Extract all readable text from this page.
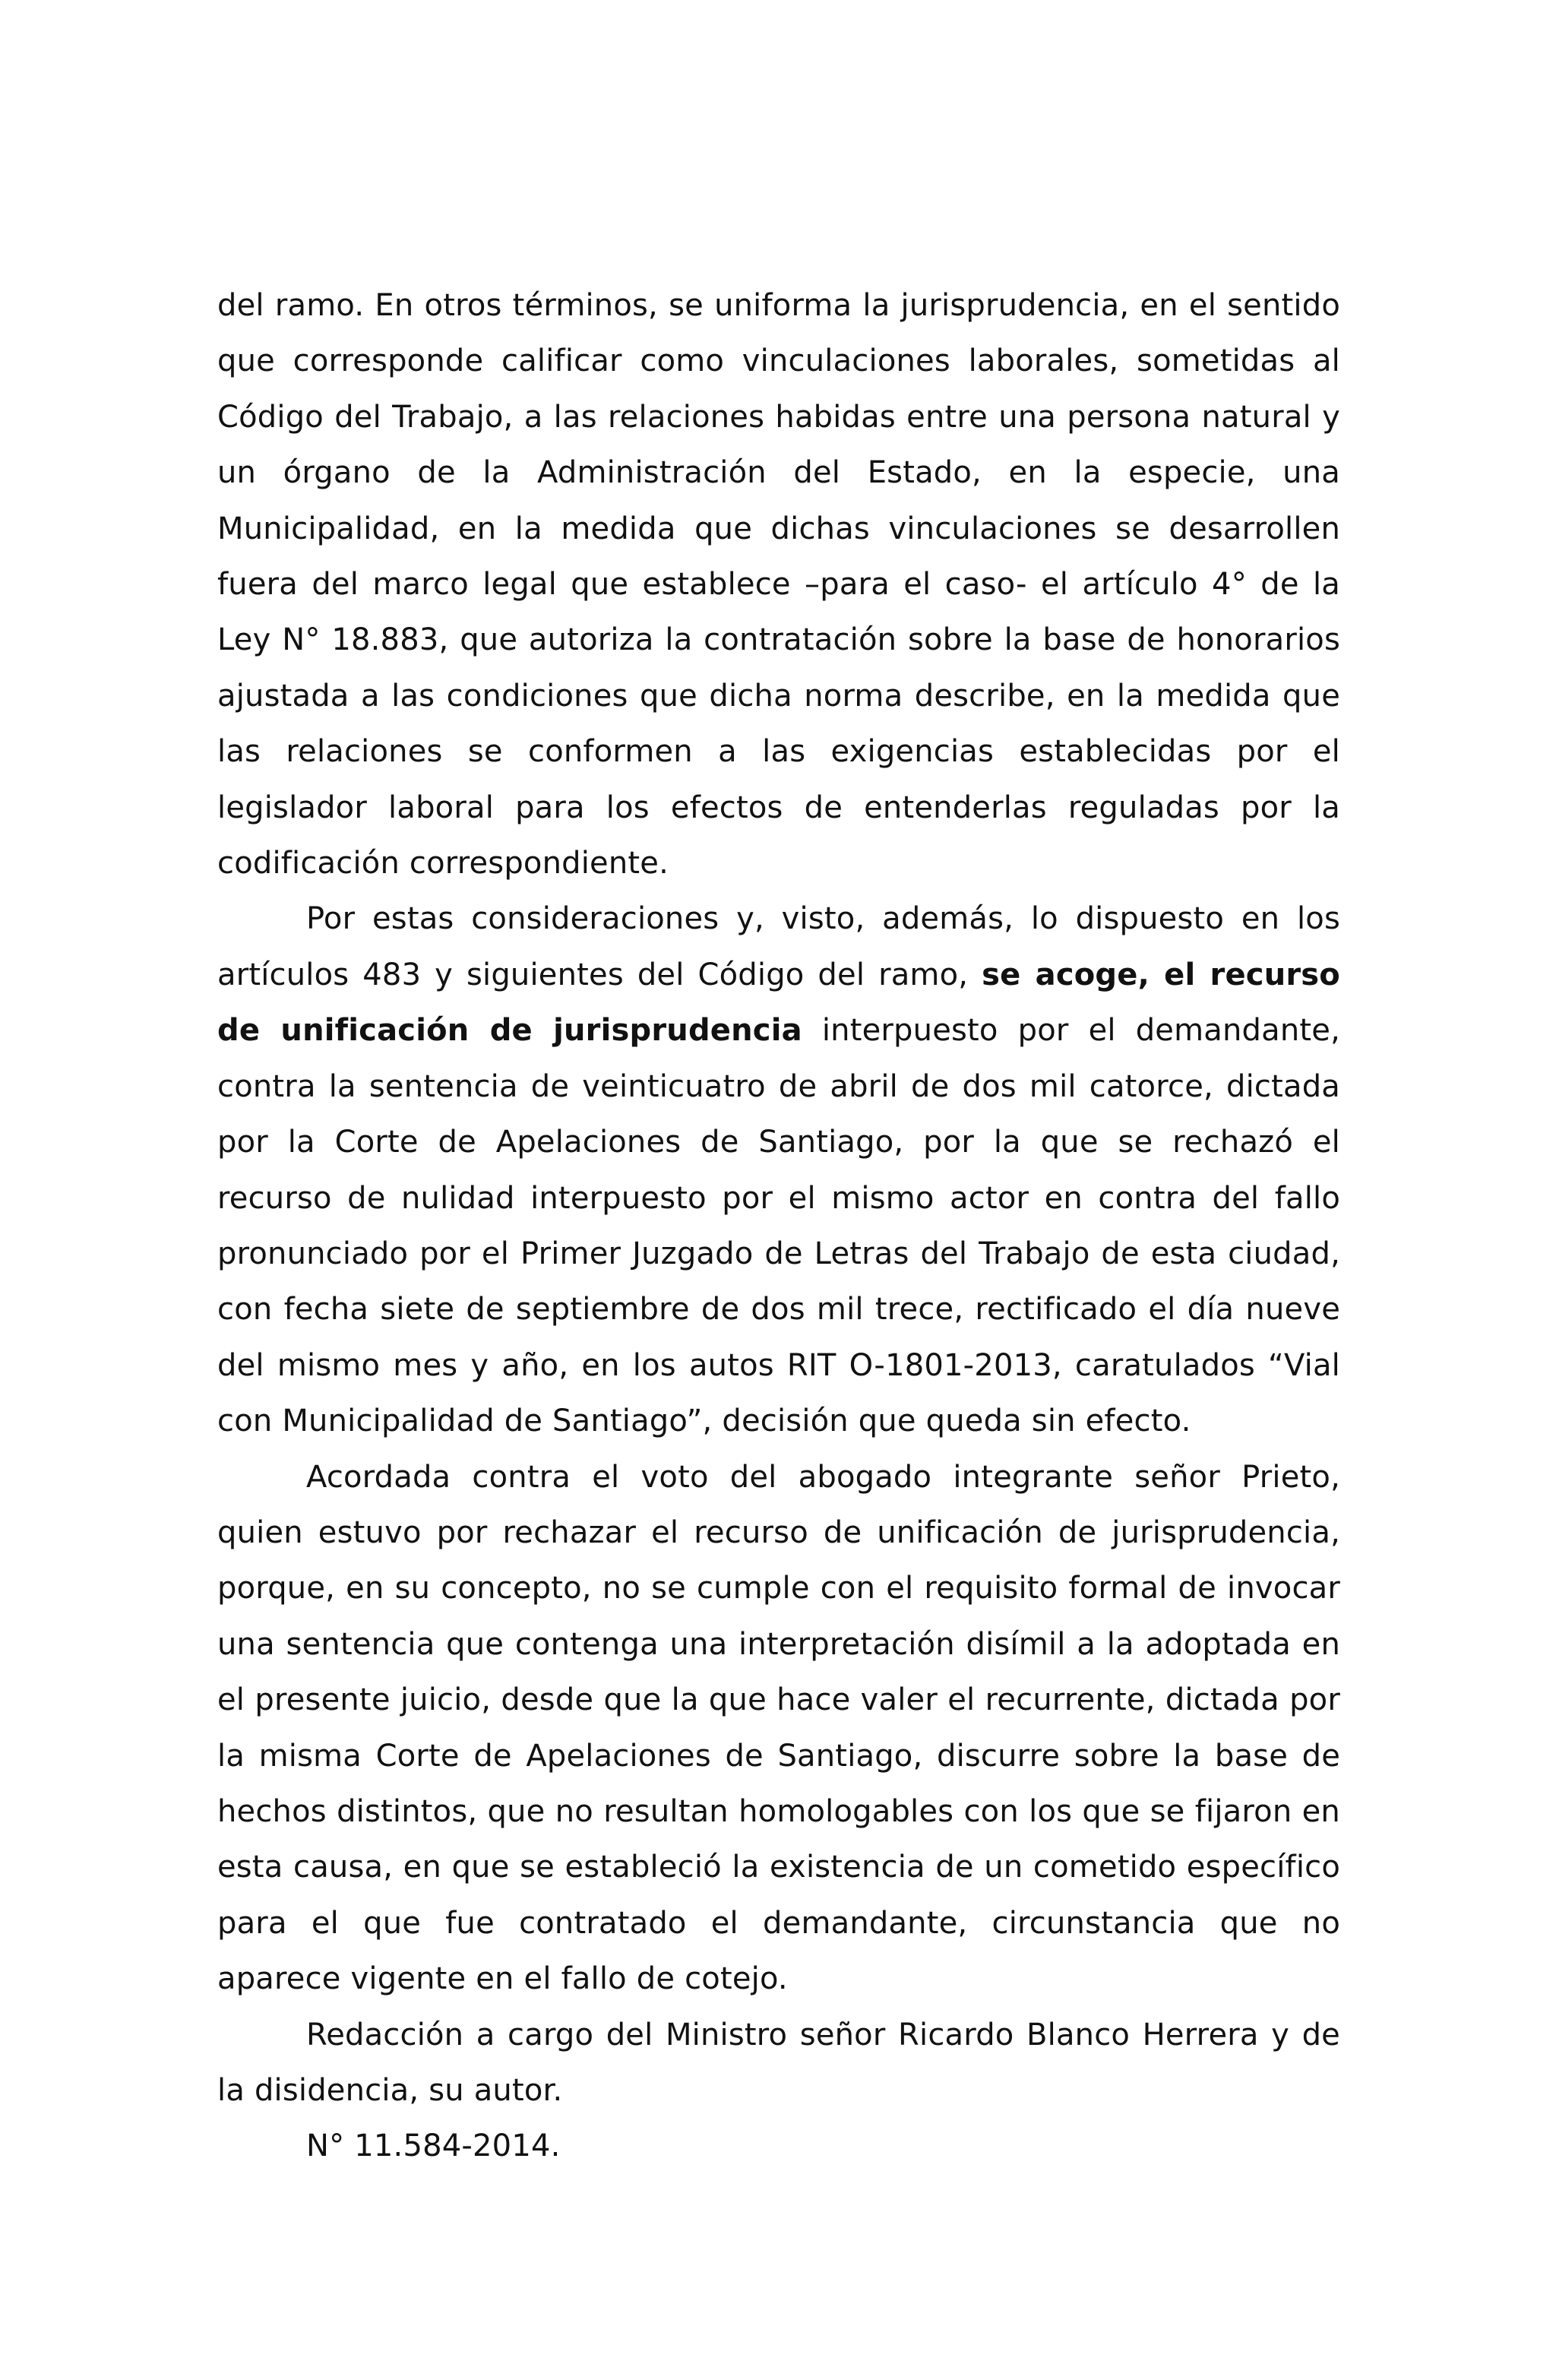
del ramo. En otros términos, se uniforma la jurisprudencia, en el sentido que corresponde calificar como vinculaciones laborales, sometidas al Código del Trabajo, a las relaciones habidas entre una persona natural y un órgano de la Administración del Estado, en la especie, una Municipalidad, en la medida que dichas vinculaciones se desarrollen fuera del marco legal que establece –para el caso- el artículo 4° de la Ley N° 18.883, que autoriza la contratación sobre la base de honorarios ajustada a las condiciones que dicha norma describe, en la medida que las relaciones se conformen a las exigencias establecidas por el legislador laboral para los efectos de entenderlas reguladas por la codificación correspondiente.

Por estas consideraciones y, visto, además, lo dispuesto en los artículos 483 y siguientes del Código del ramo, se acoge, el recurso de unificación de jurisprudencia interpuesto por el demandante, contra la sentencia de veinticuatro de abril de dos mil catorce, dictada por la Corte de Apelaciones de Santiago, por la que se rechazó el recurso de nulidad interpuesto por el mismo actor en contra del fallo pronunciado por el Primer Juzgado de Letras del Trabajo de esta ciudad, con fecha siete de septiembre de dos mil trece, rectificado el día nueve del mismo mes y año, en los autos RIT O-1801-2013, caratulados “Vial con Municipalidad de Santiago”, decisión que queda sin efecto.

Acordada contra el voto del abogado integrante señor Prieto, quien estuvo por rechazar el recurso de unificación de jurisprudencia, porque, en su concepto, no se cumple con el requisito formal de invocar una sentencia que contenga una interpretación disímil a la adoptada en el presente juicio, desde que la que hace valer el recurrente, dictada por la misma Corte de Apelaciones de Santiago, discurre sobre la base de hechos distintos, que no resultan homologables con los que se fijaron en esta causa, en que se estableció la existencia de un cometido específico para el que fue contratado el demandante, circunstancia que no aparece vigente en el fallo de cotejo.

Redacción a cargo del Ministro señor Ricardo Blanco Herrera y de la disidencia, su autor.

N° 11.584-2014.
